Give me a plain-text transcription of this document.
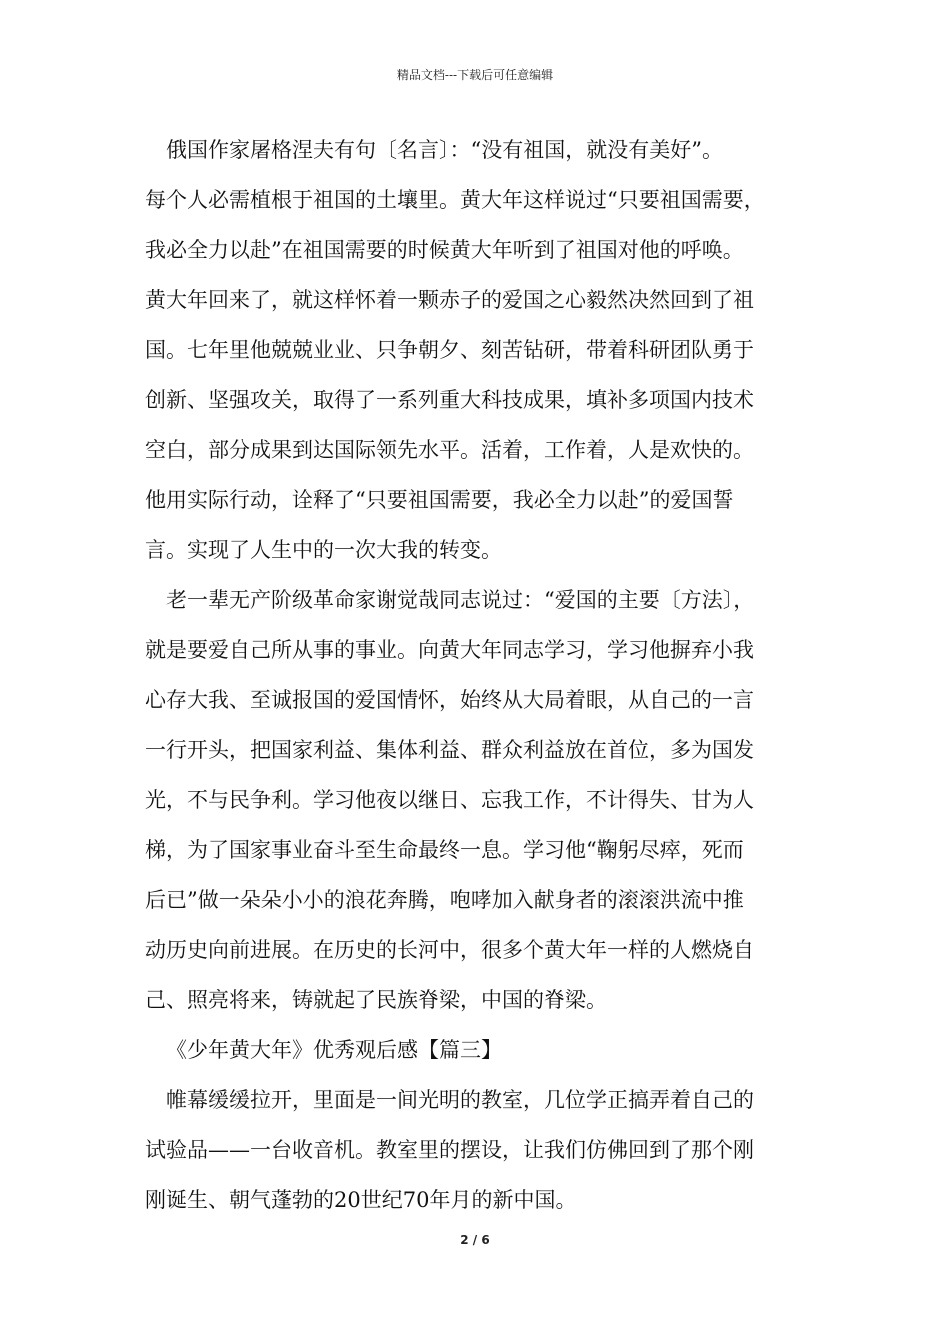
精品文档---下载后可任意编辑
俄国作家屠格涅夫有句〔名言〕：“没有祖国，就没有美好”。
每个人必需植根于祖国的土壤里。黄大年这样说过“只要祖国需要，
我必全力以赴”在祖国需要的时候黄大年听到了祖国对他的呼唤。
黄大年回来了，就这样怀着一颗赤子的爱国之心毅然决然回到了祖
国。七年里他兢兢业业、只争朝夕、刻苦钻研，带着科研团队勇于
创新、坚强攻关，取得了一系列重大科技成果，填补多项国内技术
空白，部分成果到达国际领先水平。活着，工作着，人是欢快的。
他用实际行动，诠释了“只要祖国需要，我必全力以赴”的爱国誓
言。实现了人生中的一次大我的转变。
老一辈无产阶级革命家谢觉哉同志说过：“爱国的主要〔方法〕，
就是要爱自己所从事的事业。向黄大年同志学习，学习他摒弃小我
心存大我、至诚报国的爱国情怀，始终从大局着眼，从自己的一言
一行开头，把国家利益、集体利益、群众利益放在首位，多为国发
光，不与民争利。学习他夜以继日、忘我工作，不计得失、甘为人
梯，为了国家事业奋斗至生命最终一息。学习他“鞠躬尽瘁，死而
后已”做一朵朵小小的浪花奔腾，咆哮加入献身者的滚滚洪流中推
动历史向前进展。在历史的长河中，很多个黄大年一样的人燃烧自
己、照亮将来，铸就起了民族脊梁，中国的脊梁。
《少年黄大年》优秀观后感【篇三】
帷幕缓缓拉开，里面是一间光明的教室，几位学正搞弄着自己的
试验品——一台收音机。教室里的摆设，让我们仿佛回到了那个刚
刚诞生、朝气蓬勃的20世纪70年月的新中国。
2 / 6
